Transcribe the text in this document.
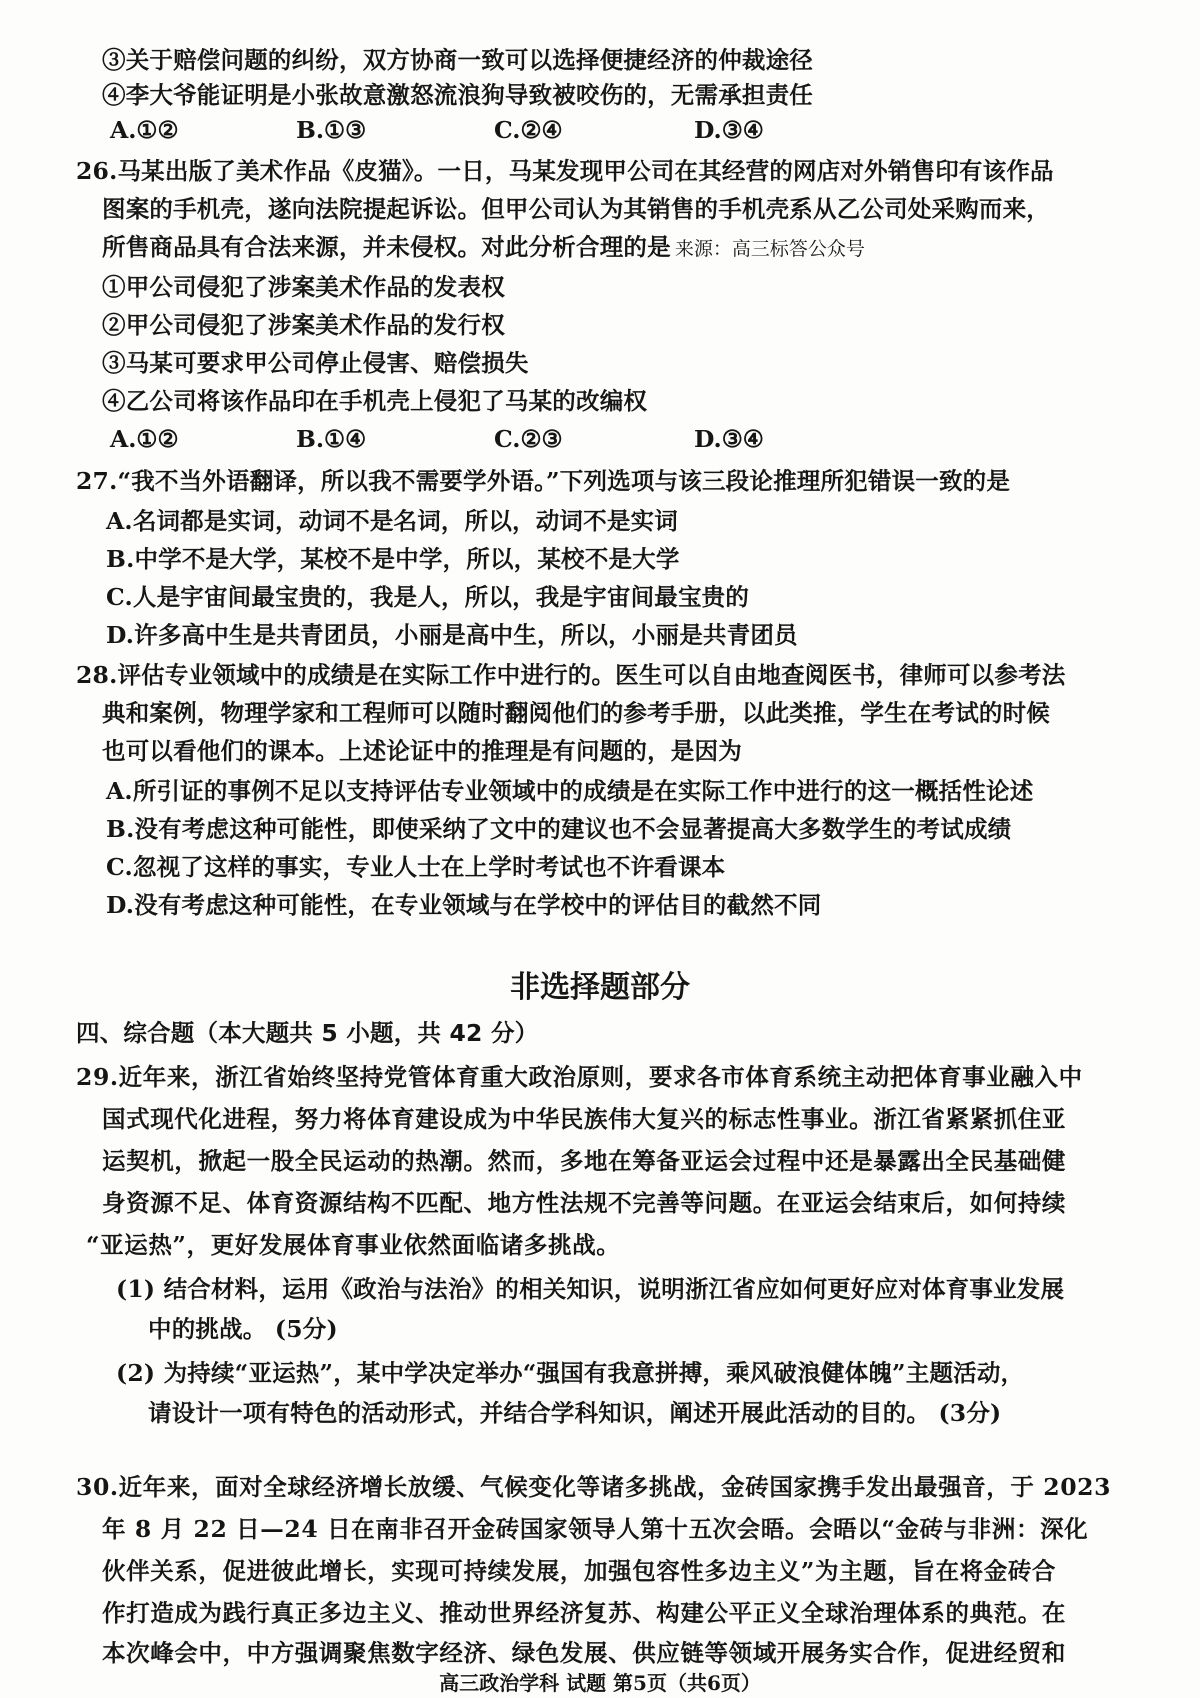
③关于赔偿问题的纠纷，双方协商一致可以选择便捷经济的仲裁途径
④李大爷能证明是小张故意激怒流浪狗导致被咬伤的，无需承担责任
A.①②	B.①③	C.②④	D.③④
26.马某出版了美术作品《皮猫》。一日，马某发现甲公司在其经营的网店对外销售印有该作品
图案的手机壳，遂向法院提起诉讼。但甲公司认为其销售的手机壳系从乙公司处采购而来，
所售商品具有合法来源，并未侵权。对此分析合理的是 来源：高三标答公众号
①甲公司侵犯了涉案美术作品的发表权
②甲公司侵犯了涉案美术作品的发行权
③马某可要求甲公司停止侵害、赔偿损失
④乙公司将该作品印在手机壳上侵犯了马某的改编权
A.①②	B.①④	C.②③	D.③④
27.“我不当外语翻译，所以我不需要学外语。”下列选项与该三段论推理所犯错误一致的是
A.名词都是实词，动词不是名词，所以，动词不是实词
B.中学不是大学，某校不是中学，所以，某校不是大学
C.人是宇宙间最宝贵的，我是人，所以，我是宇宙间最宝贵的
D.许多高中生是共青团员，小丽是高中生，所以，小丽是共青团员
28.评估专业领域中的成绩是在实际工作中进行的。医生可以自由地查阅医书，律师可以参考法
典和案例，物理学家和工程师可以随时翻阅他们的参考手册，以此类推，学生在考试的时候
也可以看他们的课本。上述论证中的推理是有问题的，是因为
A.所引证的事例不足以支持评估专业领域中的成绩是在实际工作中进行的这一概括性论述
B.没有考虑这种可能性，即使采纳了文中的建议也不会显著提高大多数学生的考试成绩
C.忽视了这样的事实，专业人士在上学时考试也不许看课本
D.没有考虑这种可能性，在专业领域与在学校中的评估目的截然不同
非选择题部分
四、综合题（本大题共 5 小题，共 42 分）
29.近年来，浙江省始终坚持党管体育重大政治原则，要求各市体育系统主动把体育事业融入中
国式现代化进程，努力将体育建设成为中华民族伟大复兴的标志性事业。浙江省紧紧抓住亚
运契机，掀起一股全民运动的热潮。然而，多地在筹备亚运会过程中还是暴露出全民基础健
身资源不足、体育资源结构不匹配、地方性法规不完善等问题。在亚运会结束后，如何持续
“亚运热”，更好发展体育事业依然面临诸多挑战。
(1) 结合材料，运用《政治与法治》的相关知识，说明浙江省应如何更好应对体育事业发展
中的挑战。 (5分)
(2) 为持续“亚运热”，某中学决定举办“强国有我意拼搏，乘风破浪健体魄”主题活动，
请设计一项有特色的活动形式，并结合学科知识，阐述开展此活动的目的。 (3分)
30.近年来，面对全球经济增长放缓、气候变化等诸多挑战，金砖国家携手发出最强音，于 2023
年 8 月 22 日—24 日在南非召开金砖国家领导人第十五次会晤。会晤以“金砖与非洲：深化
伙伴关系，促进彼此增长，实现可持续发展，加强包容性多边主义”为主题，旨在将金砖合
作打造成为践行真正多边主义、推动世界经济复苏、构建公平正义全球治理体系的典范。在
本次峰会中，中方强调聚焦数字经济、绿色发展、供应链等领域开展务实合作，促进经贸和
高三政治学科 试题 第5页（共6页）
